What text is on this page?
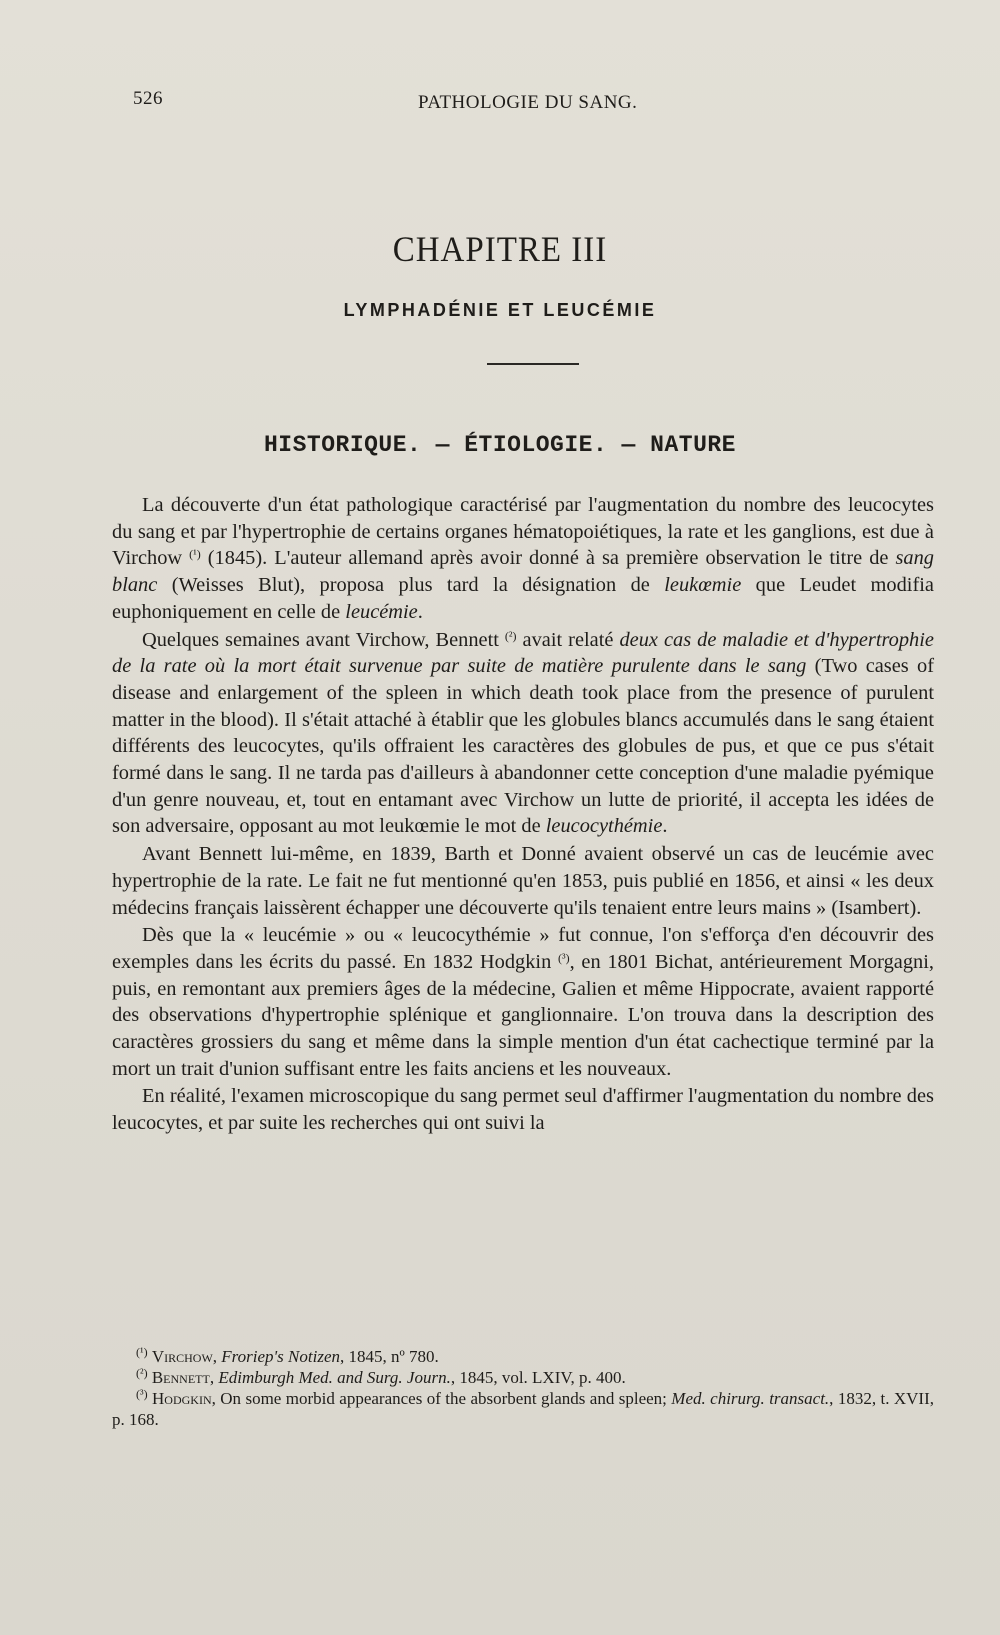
526	PATHOLOGIE DU SANG.
CHAPITRE III
LYMPHADÉNIE ET LEUCÉMIE
HISTORIQUE. — ÉTIOLOGIE. — NATURE

La découverte d'un état pathologique caractérisé par l'augmentation du nombre des leucocytes du sang et par l'hypertrophie de certains organes hématopoiétiques, la rate et les ganglions, est due à Virchow $^{(^1)}$ (1845). L'auteur allemand après avoir donné à sa première observation le titre de sang blanc (Weisses Blut), proposa plus tard la désignation de leukœmie que Leudet modifia euphoniquement en celle de leucémie.

Quelques semaines avant Virchow, Bennett $^{(^2)}$ avait relaté deux cas de maladie et d'hypertrophie de la rate où la mort était survenue par suite de matière purulente dans le sang (Two cases of disease and enlargement of the spleen in which death took place from the presence of purulent matter in the blood). Il s'était attaché à établir que les globules blancs accumulés dans le sang étaient différents des leucocytes, qu'ils offraient les caractères des globules de pus, et que ce pus s'était formé dans le sang. Il ne tarda pas d'ailleurs à abandonner cette conception d'une maladie pyémique d'un genre nouveau, et, tout en entamant avec Virchow un lutte de priorité, il accepta les idées de son adversaire, opposant au mot leukœmie le mot de leucocythémie.

Avant Bennett lui-même, en 1839, Barth et Donné avaient observé un cas de leucémie avec hypertrophie de la rate. Le fait ne fut mentionné qu'en 1853, puis publié en 1856, et ainsi « les deux médecins français laissèrent échapper une découverte qu'ils tenaient entre leurs mains » (Isambert).

Dès que la « leucémie » ou « leucocythémie » fut connue, l'on s'efforça d'en découvrir des exemples dans les écrits du passé. En 1832 Hodgkin $^{(^3)}$, en 1801 Bichat, antérieurement Morgagni, puis, en remontant aux premiers âges de la médecine, Galien et même Hippocrate, avaient rapporté des observations d'hypertrophie splénique et ganglionnaire. L'on trouva dans la description des caractères grossiers du sang et même dans la simple mention d'un état cachectique terminé par la mort un trait d'union suffisant entre les faits anciens et les nouveaux.

En réalité, l'examen microscopique du sang permet seul d'affirmer l'augmentation du nombre des leucocytes, et par suite les recherches qui ont suivi la

$^{(^1)}$ Virchow, Froriep's Notizen, 1845, nº 780.

$^{(^2)}$ Bennett, Edimburgh Med. and Surg. Journ., 1845, vol. LXIV, p. 400.

$^{(^3)}$ Hodgkin, On some morbid appearances of the absorbent glands and spleen; Med. chirurg. transact., 1832, t. XVII, p. 168.
